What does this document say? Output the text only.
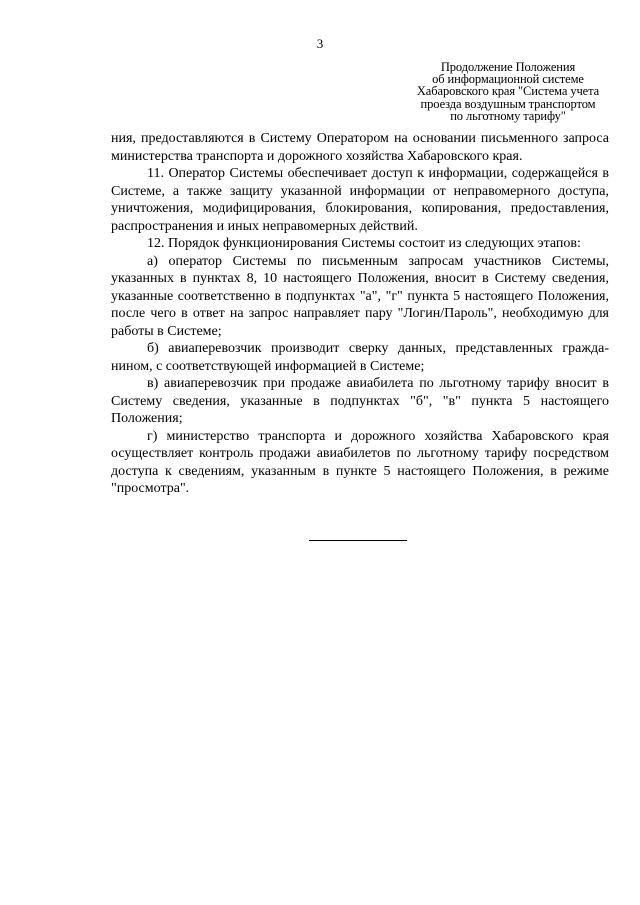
3
Продолжение Положения
об информационной системе
Хабаровского края "Система учета
проезда воздушным транспортом
по льготному тарифу"

ния, предоставляются в Систему Оператором на основании письменного запроса министерства транспорта и дорожного хозяйства Хабаровского края.

11. Оператор Системы обеспечивает доступ к информации, содержащейся в Системе, а также защиту указанной информации от неправомерного доступа, уничтожения, модифицирования, блокирования, копирования, предоставления, распространения и иных неправомерных действий.

12. Порядок функционирования Системы состоит из следующих этапов:

а) оператор Системы по письменным запросам участников Системы, указанных в пунктах 8, 10 настоящего Положения, вносит в Систему сведения, указанные соответственно в подпунктах "а", "г" пункта 5 настоящего Положения, после чего в ответ на запрос направляет пару "Логин/Пароль", необходимую для работы в Системе;

б) авиаперевозчик производит сверку данных, представленных гражданином, с соответствующей информацией в Системе;

в) авиаперевозчик при продаже авиабилета по льготному тарифу вносит в Систему сведения, указанные в подпунктах "б", "в" пункта 5 настоящего Положения;

г) министерство транспорта и дорожного хозяйства Хабаровского края осуществляет контроль продажи авиабилетов по льготному тарифу посредством доступа к сведениям, указанным в пункте 5 настоящего Положения, в режиме "просмотра".
